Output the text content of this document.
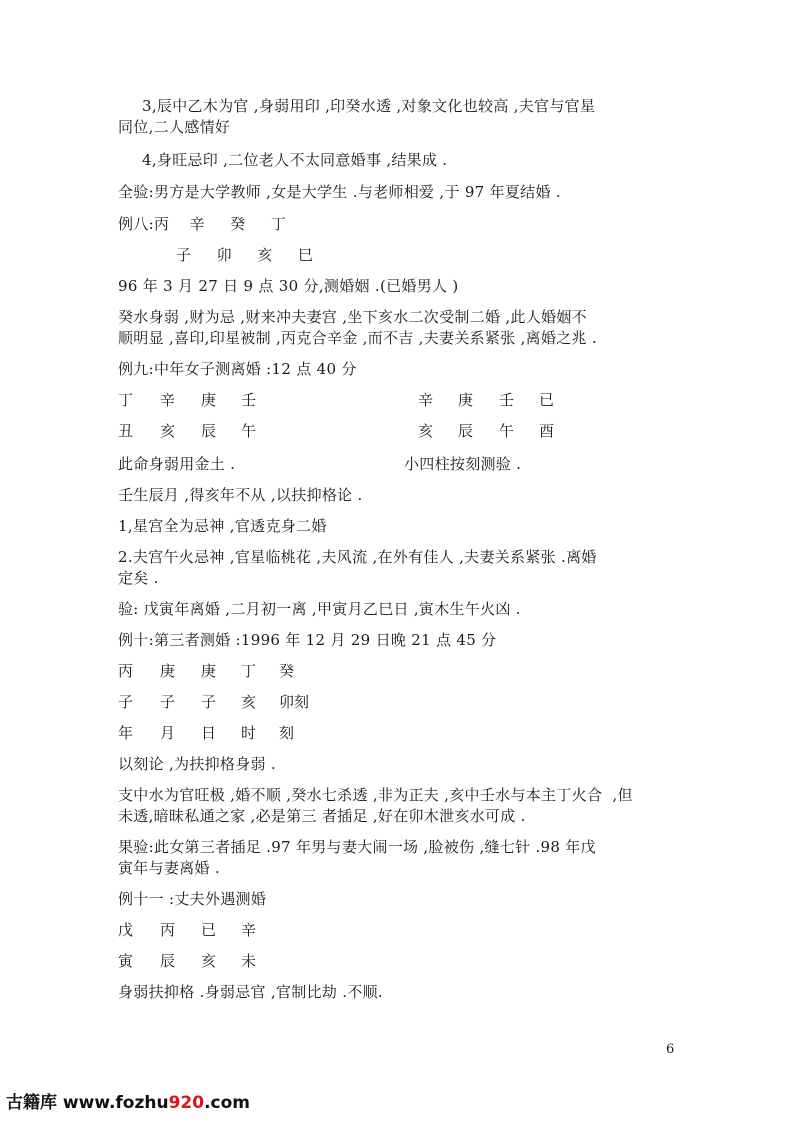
3,辰中乙木为官 ,身弱用印 ,印癸水透 ,对象文化也较高 ,夫官与官星
同位,二人感情好
4,身旺忌印 ,二位老人不太同意婚事 ,结果成 .
全验:男方是大学教师 ,女是大学生 .与老师相爱 ,于 97 年夏结婚 .
例八:丙    辛     癸     丁
子     卯     亥     巳
96 年 3 月 27 日 9 点 30 分,测婚姻 .(已婚男人 )
癸水身弱 ,财为忌 ,财来冲夫妻宫 ,坐下亥水二次受制二婚 ,此人婚姻不
顺明显 ,喜印,印星被制 ,丙克合辛金 ,而不吉 ,夫妻关系紧张 ,离婚之兆 .
例九:中年女子测离婚 :12 点 40 分
丁 辛 庚 壬
丑 亥 辰 午
辛 庚 壬 已
亥 辰 午 酉
此命身弱用金土 .	小四柱按刻测验 .
壬生辰月 ,得亥年不从 ,以扶抑格论 .
1,星宫全为忌神 ,官透克身二婚
2.夫宫午火忌神 ,官星临桃花 ,夫风流 ,在外有佳人 ,夫妻关系紧张 .离婚
定矣 .
验: 戊寅年离婚 ,二月初一离 ,甲寅月乙巳日 ,寅木生午火凶 .
例十:第三者测婚 :1996 年 12 月 29 日晚 21 点 45 分
丙 庚 庚 丁 癸
子 子 子 亥 卯刻
年 月 日 时 刻
以刻论 ,为扶抑格身弱 .
支中水为官旺极 ,婚不顺 ,癸水七杀透 ,非为正夫 ,亥中壬水与本主丁火合  ,但
未透,暗昧私通之家 ,必是第三 者插足 ,好在卯木泄亥水可成 .
果验:此女第三者插足 .97 年男与妻大闹一场 ,脸被伤 ,缝七针 .98 年戊
寅年与妻离婚 .
例十一 :丈夫外遇测婚
戊 丙 已 辛
寅 辰 亥 未
身弱扶抑格 .身弱忌官 ,官制比劫 .不顺.
6
古籍库 www.fozhu920.com
